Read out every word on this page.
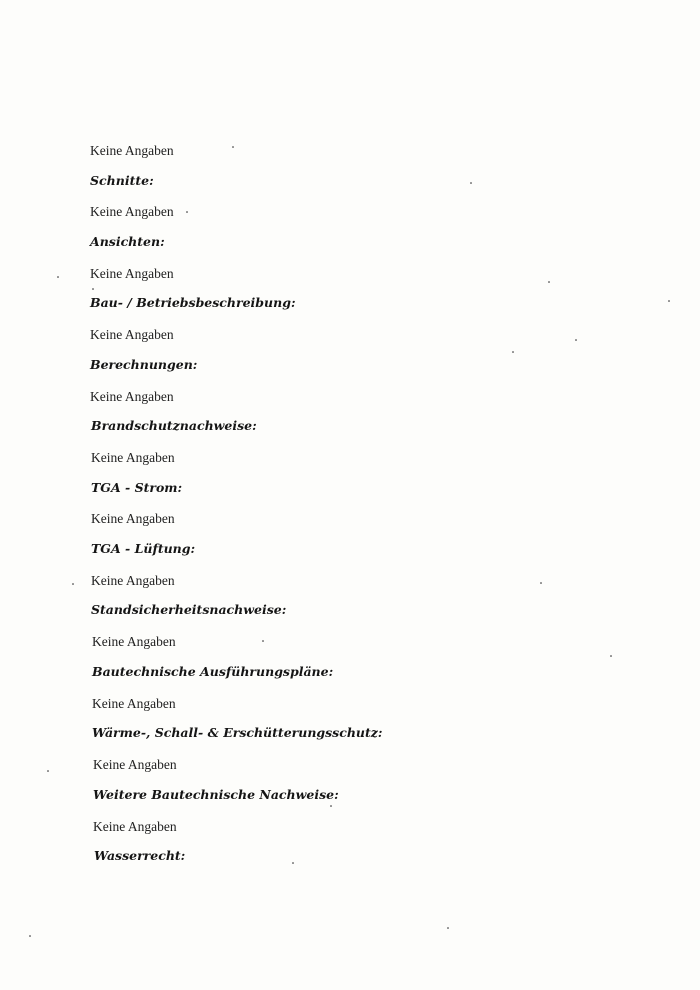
Keine Angaben
Schnitte:
Keine Angaben
Ansichten:
Keine Angaben
Bau- / Betriebsbeschreibung:
Keine Angaben
Berechnungen:
Keine Angaben
Brandschutznachweise:
Keine Angaben
TGA - Strom:
Keine Angaben
TGA - Lüftung:
Keine Angaben
Standsicherheitsnachweise:
Keine Angaben
Bautechnische Ausführungspläne:
Keine Angaben
Wärme-, Schall- & Erschütterungsschutz:
Keine Angaben
Weitere Bautechnische Nachweise:
Keine Angaben
Wasserrecht:
